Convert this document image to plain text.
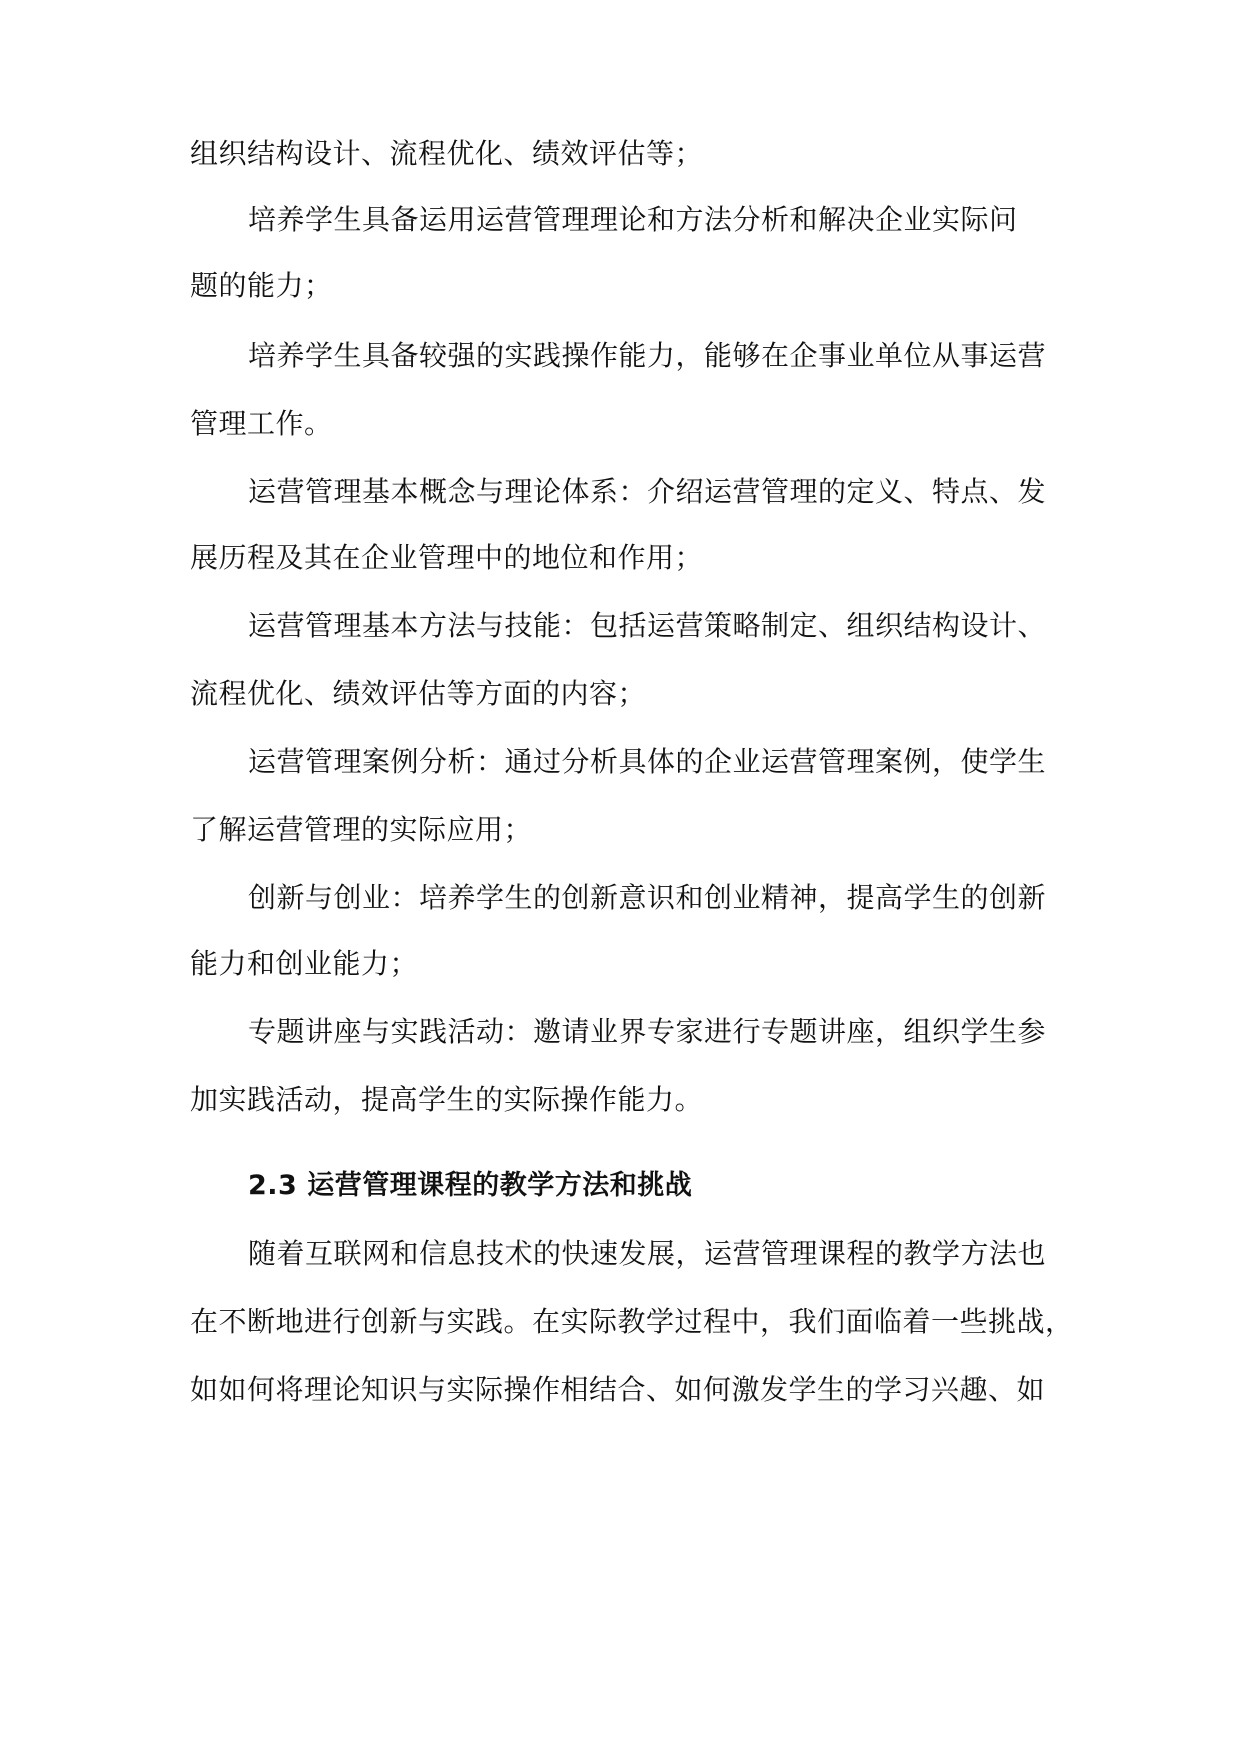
组织结构设计、流程优化、绩效评估等；
培养学生具备运用运营管理理论和方法分析和解决企业实际问
题的能力；
培养学生具备较强的实践操作能力，能够在企事业单位从事运营
管理工作。
运营管理基本概念与理论体系：介绍运营管理的定义、特点、发
展历程及其在企业管理中的地位和作用；
运营管理基本方法与技能：包括运营策略制定、组织结构设计、
流程优化、绩效评估等方面的内容；
运营管理案例分析：通过分析具体的企业运营管理案例，使学生
了解运营管理的实际应用；
创新与创业：培养学生的创新意识和创业精神，提高学生的创新
能力和创业能力；
专题讲座与实践活动：邀请业界专家进行专题讲座，组织学生参
加实践活动，提高学生的实际操作能力。
2.3 运营管理课程的教学方法和挑战
随着互联网和信息技术的快速发展，运营管理课程的教学方法也
在不断地进行创新与实践。在实际教学过程中，我们面临着一些挑战，
如如何将理论知识与实际操作相结合、如何激发学生的学习兴趣、如
